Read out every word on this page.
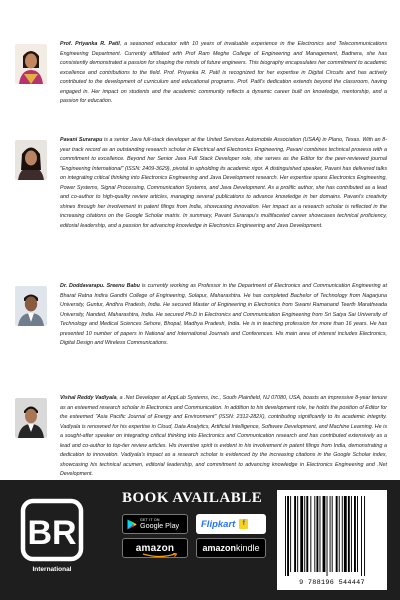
Prof. Priyanka R. Patil, a seasoned educator with 10 years of invaluable experience in the Electronics and Telecommunications Engineering Department. Currently affiliated with Prof Ram Meghe College of Engineering and Management, Badnera, she has consistently demonstrated a passion for shaping the minds of future engineers. This biography encapsulates her commitment to academic excellence and contributions to the field. Prof. Priyanka R. Patil is recognized for her expertise in Digital Circuits and has actively contributed to the development of curriculum and educational programs. Prof. Patil's dedication extends beyond the classroom, having engaged in. Her impact on students and the academic community reflects a dynamic career built on knowledge, mentorship, and a passion for education.
Pavani Surarapu is a senior Java full-stack developer at the United Services Automobile Association (USAA) in Plano, Texas. With an 8-year track record as an outstanding research scholar in Electrical and Electronics Engineering, Pavani combines technical prowess with a commitment to excellence. Beyond her Senior Java Full Stack Developer role, she serves as the Editor for the peer-reviewed journal "Engineering International" (ISSN: 2409-3629), pivotal in upholding its academic rigor. A distinguished speaker, Pavani has delivered talks on integrating critical thinking into Electronics Engineering and Java Development research. Her expertise spans Electronics Engineering, Power Systems, Signal Processing, Communication Systems, and Java Development. As a prolific author, she has contributed as a lead and co-author to high-quality review articles, managing several publications to advance knowledge in her domains. Pavani's creativity shines through her involvement in patent filings from India, showcasing innovation. Her impact as a research scholar is reflected in the increasing citations on the Google Scholar matrix. In summary, Pavani Surarapu's multifaceted career showcases technical proficiency, editorial leadership, and a passion for advancing knowledge in Electronics Engineering and Java Development.
Dr. Doddavarapu. Sreenu Babu is currently working as Professor in the Department of Electronics and Communication Engineering at Bharat Ratna Indira Gandhi College of Engineering, Solapur, Maharashtra. He has completed Bachelor of Technology from Nagarjuna University, Guntur, Andhra Pradesh, India. He secured Master of Engineering in Electronics from Swami Ramanand Teerth Marathwada University, Nanded, Maharashtra, India. He secured Ph.D in Electronics and Communication Engineering from Sri Satya Sai University of Technology and Medical Sciences Sehore, Bhopal, Madhya Pradesh, India. He is in teaching profession for more than 16 years. He has presented 10 number of papers in National and International Journals and Conferences. His main area of interest includes Electronics, Digital Design and Wireless Communications.
Vishal Reddy Vadiyala, a .Net Developer at AppLab Systems, Inc., South Plainfield, NJ 07080, USA, boasts an impressive 8-year tenure as an esteemed research scholar in Electronics and Communication. In addition to his development role, he holds the position of Editor for the esteemed "Asia Pacific Journal of Energy and Environment" (ISSN: 2312-282X), contributing significantly to its academic integrity. Vadiyala is renowned for his expertise in Cloud, Data Analytics, Artificial Intelligence, Software Development, and Machine Learning. He is a sought-after speaker on integrating critical thinking into Electronics and Communication research and has contributed extensively as a lead and co-author to top-tier review articles. His inventive spirit is evident in his involvement in patent filings from India, demonstrating a dedication to innovation. Vadiyala's impact as a research scholar is evidenced by the increasing citations in the Google Scholar index, showcasing his technical acumen, editorial leadership, and commitment to advancing knowledge in Electronics Engineering and .Net Development.
BR
International
BOOK AVAILABLE
GET IT ON
Google Play Flipkart	f
amazon	amazonkindle
9 788196 544447
